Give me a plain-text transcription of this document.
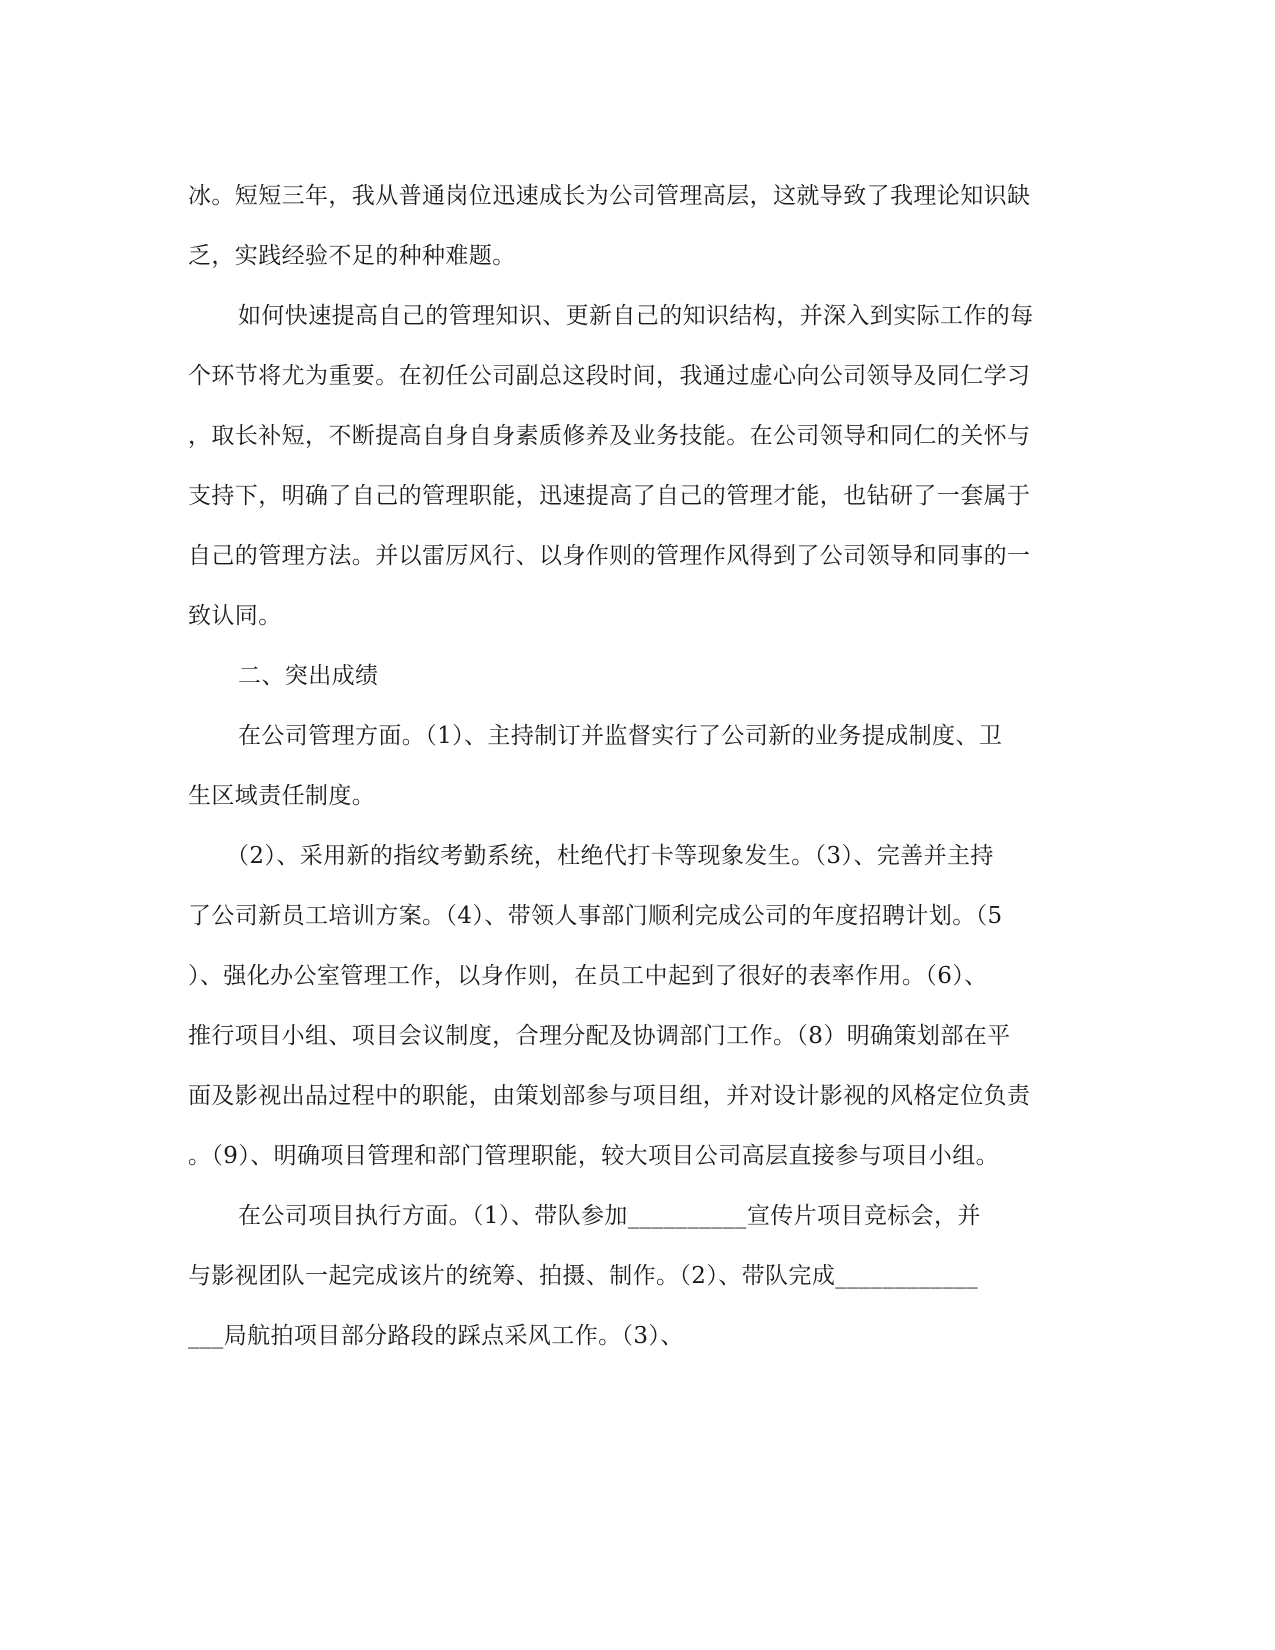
冰。短短三年，我从普通岗位迅速成长为公司管理高层，这就导致了我理论知识缺
乏，实践经验不足的种种难题。
如何快速提高自己的管理知识、更新自己的知识结构，并深入到实际工作的每
个环节将尤为重要。在初任公司副总这段时间，我通过虚心向公司领导及同仁学习
，取长补短，不断提高自身自身素质修养及业务技能。在公司领导和同仁的关怀与
支持下，明确了自己的管理职能，迅速提高了自己的管理才能，也钻研了一套属于
自己的管理方法。并以雷厉风行、以身作则的管理作风得到了公司领导和同事的一
致认同。
二、突出成绩
在公司管理方面。（1）、主持制订并监督实行了公司新的业务提成制度、卫
生区域责任制度。
（2）、采用新的指纹考勤系统，杜绝代打卡等现象发生。（3）、完善并主持
了公司新员工培训方案。（4）、带领人事部门顺利完成公司的年度招聘计划。（5
）、强化办公室管理工作，以身作则，在员工中起到了很好的表率作用。（6）、
推行项目小组、项目会议制度，合理分配及协调部门工作。（8）明确策划部在平
面及影视出品过程中的职能，由策划部参与项目组，并对设计影视的风格定位负责
。（9）、明确项目管理和部门管理职能，较大项目公司高层直接参与项目小组。
在公司项目执行方面。（1）、带队参加__________宣传片项目竞标会，并
与影视团队一起完成该片的统筹、拍摄、制作。（2）、带队完成____________
___局航拍项目部分路段的踩点采风工作。（3）、
